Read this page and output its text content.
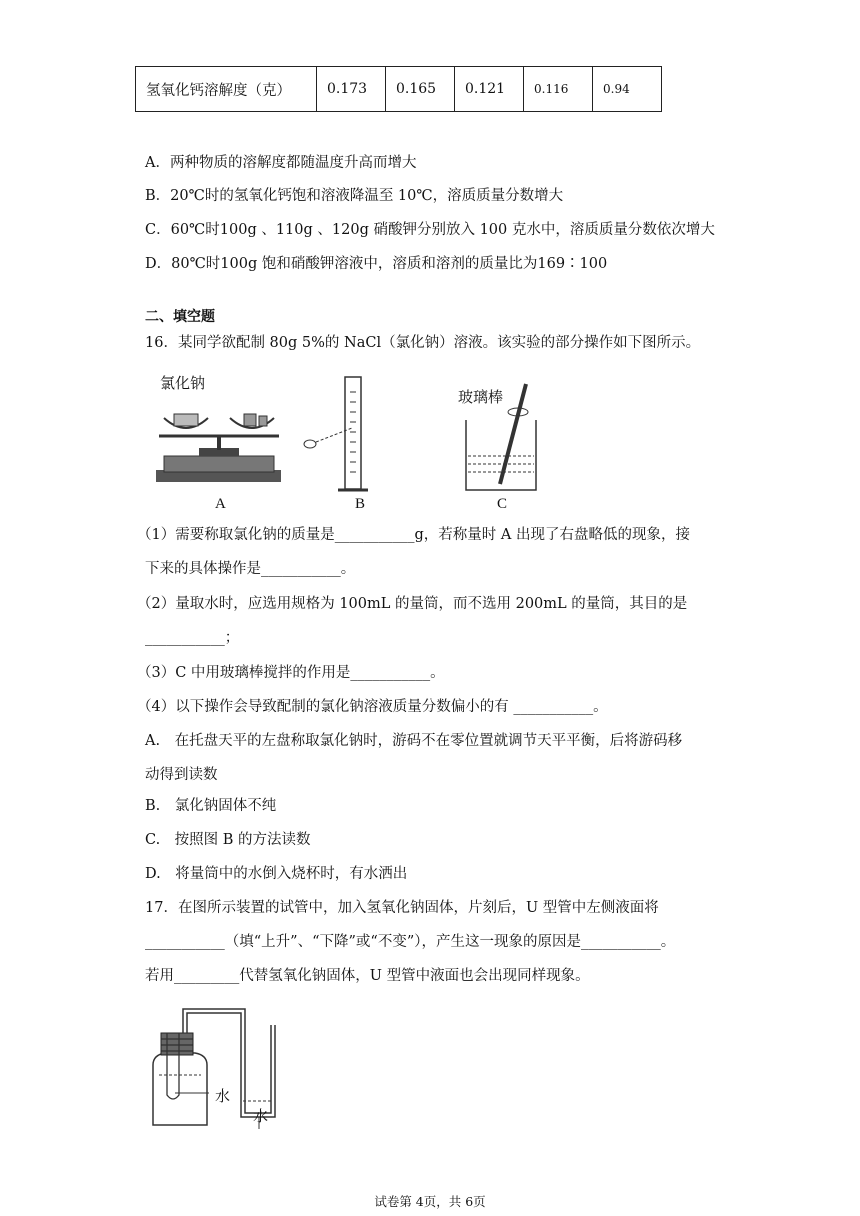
氢氧化钙溶解度（克）	0.173	0.165	0.121	0.116	0.94
A．两种物质的溶解度都随温度升高而增大
B．20℃时的氢氧化钙饱和溶液降温至 10℃，溶质质量分数增大
C．60℃时100g 、110g 、120g 硝酸钾分别放入 100 克水中，溶质质量分数依次增大
D．80℃时100g 饱和硝酸钾溶液中，溶质和溶剂的质量比为169∶100
二、填空题
16．某同学欲配制 80g 5%的 NaCl（氯化钠）溶液。该实验的部分操作如下图所示。
氯化钠
玻璃棒
A	B	C
（1）需要称取氯化钠的质量是___________g，若称量时 A 出现了右盘略低的现象，接
下来的具体操作是___________。
（2）量取水时，应选用规格为 100mL 的量筒，而不选用 200mL 的量筒，其目的是
___________；
（3）C 中用玻璃棒搅拌的作用是___________。
（4）以下操作会导致配制的氯化钠溶液质量分数偏小的有 ___________。
A.　在托盘天平的左盘称取氯化钠时，游码不在零位置就调节天平平衡，后将游码移
动得到读数
B.　氯化钠固体不纯
C.　按照图 B 的方法读数
D.　将量筒中的水倒入烧杯时，有水洒出
17．在图所示装置的试管中，加入氢氧化钠固体，片刻后，U 型管中左侧液面将
___________（填“上升”、“下降”或“不变”），产生这一现象的原因是___________。
若用_________代替氢氧化钠固体，U 型管中液面也会出现同样现象。
水
水
试卷第 4页，共 6页
